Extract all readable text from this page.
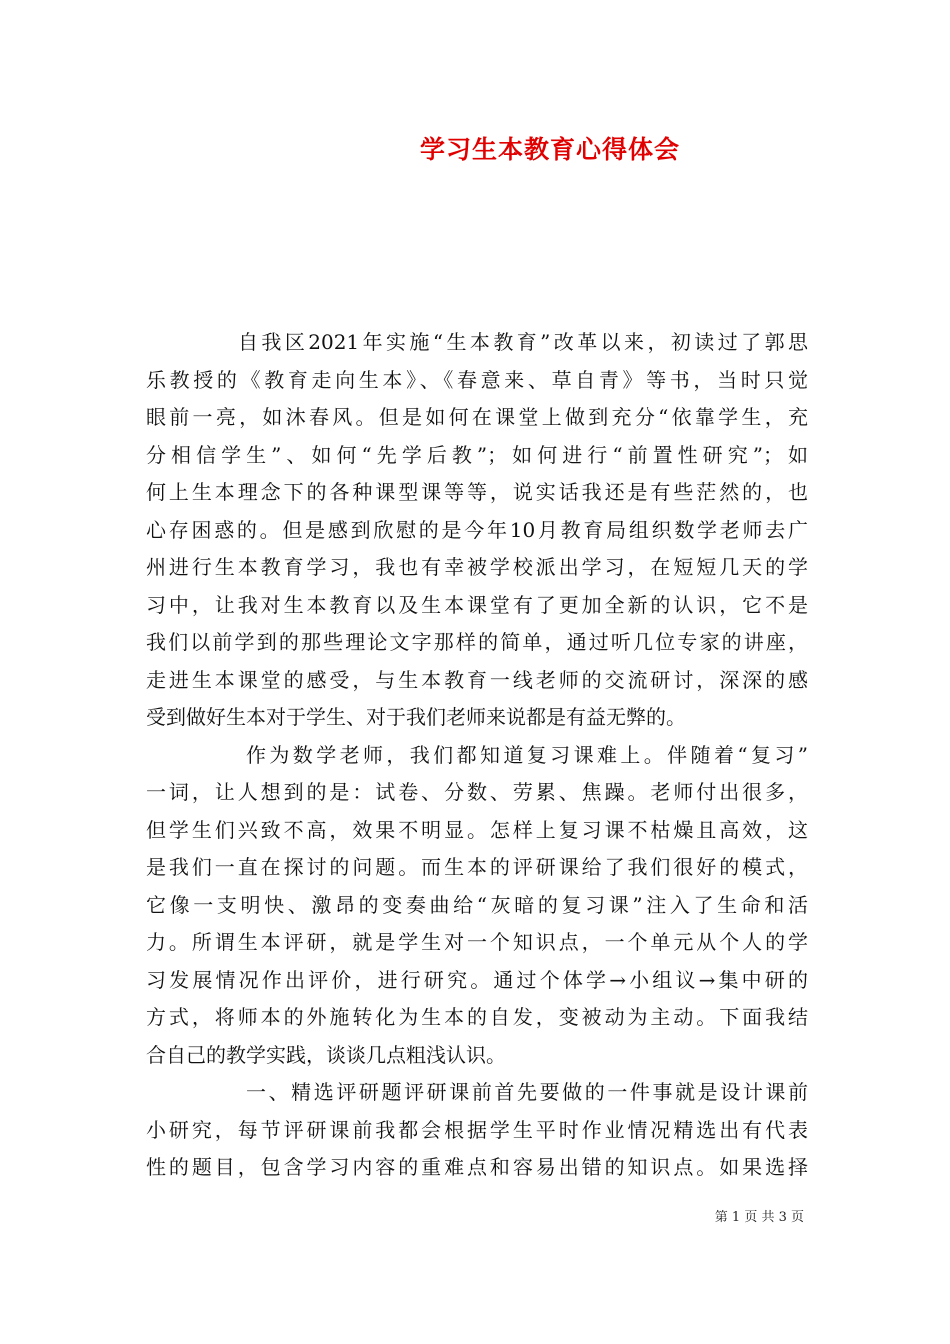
学习生本教育心得体会
自我区2021年实施“生本教育”改革以来，初读过了郭思
乐教授的《教育走向生本》、《春意来、草自青》等书，当时只觉
眼前一亮，如沐春风。但是如何在课堂上做到充分“依靠学生，充
分相信学生”、如何“先学后教”；如何进行“前置性研究”；如
何上生本理念下的各种课型课等等，说实话我还是有些茫然的，也
心存困惑的。但是感到欣慰的是今年10月教育局组织数学老师去广
州进行生本教育学习，我也有幸被学校派出学习，在短短几天的学
习中，让我对生本教育以及生本课堂有了更加全新的认识，它不是
我们以前学到的那些理论文字那样的简单，通过听几位专家的讲座，
走进生本课堂的感受，与生本教育一线老师的交流研讨，深深的感
受到做好生本对于学生、对于我们老师来说都是有益无弊的。
作为数学老师，我们都知道复习课难上。伴随着“复习”
一词，让人想到的是：试卷、分数、劳累、焦躁。老师付出很多，
但学生们兴致不高，效果不明显。怎样上复习课不枯燥且高效，这
是我们一直在探讨的问题。而生本的评研课给了我们很好的模式，
它像一支明快、激昂的变奏曲给“灰暗的复习课”注入了生命和活
力。所谓生本评研，就是学生对一个知识点，一个单元从个人的学
习发展情况作出评价，进行研究。通过个体学→小组议→集中研的
方式，将师本的外施转化为生本的自发，变被动为主动。下面我结
合自己的教学实践，谈谈几点粗浅认识。
一、精选评研题评研课前首先要做的一件事就是设计课前
小研究，每节评研课前我都会根据学生平时作业情况精选出有代表
性的题目，包含学习内容的重难点和容易出错的知识点。如果选择
第 1 页 共 3 页
